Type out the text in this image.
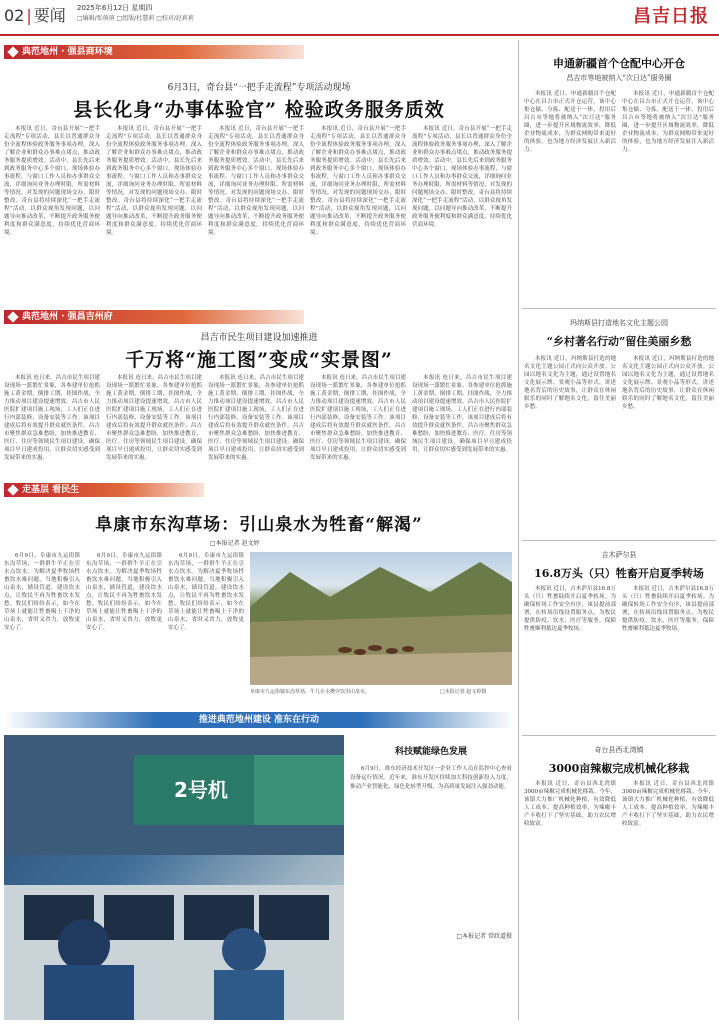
02 | 要闻 2025年6月12日 星期四
□编辑/张萌萌 □组版/杜慧莉 □校对/赵莉莉	昌吉日报
典范地州 · 强县商环境
6月3日，奇台县“一把手走流程”专项活动现场
县长化身“办事体验官” 检验政务服务质效

本报讯 近日，奇台县开展“一把手走流程”专项活动，县长以普通群众身份全流程体验政务服务事项办理，深入了解企业和群众办事难点堵点，推动政务服务提质增效。活动中，县长先后来到政务服务中心多个窗口，现场体验办事流程，与窗口工作人员和办事群众交流，详细询问业务办理时限、所需材料等情况，对发现的问题现场交办、限时整改。奇台县将持续深化“一把手走流程”活动，以群众视角发现问题，以问题导向推动改革，不断提升政务服务便利度和群众满意度，持续优化营商环境。

本报讯 近日，奇台县开展“一把手走流程”专项活动，县长以普通群众身份全流程体验政务服务事项办理，深入了解企业和群众办事难点堵点，推动政务服务提质增效。活动中，县长先后来到政务服务中心多个窗口，现场体验办事流程，与窗口工作人员和办事群众交流，详细询问业务办理时限、所需材料等情况，对发现的问题现场交办、限时整改。奇台县将持续深化“一把手走流程”活动，以群众视角发现问题，以问题导向推动改革，不断提升政务服务便利度和群众满意度，持续优化营商环境。

本报讯 近日，奇台县开展“一把手走流程”专项活动，县长以普通群众身份全流程体验政务服务事项办理，深入了解企业和群众办事难点堵点，推动政务服务提质增效。活动中，县长先后来到政务服务中心多个窗口，现场体验办事流程，与窗口工作人员和办事群众交流，详细询问业务办理时限、所需材料等情况，对发现的问题现场交办、限时整改。奇台县将持续深化“一把手走流程”活动，以群众视角发现问题，以问题导向推动改革，不断提升政务服务便利度和群众满意度，持续优化营商环境。

本报讯 近日，奇台县开展“一把手走流程”专项活动，县长以普通群众身份全流程体验政务服务事项办理，深入了解企业和群众办事难点堵点，推动政务服务提质增效。活动中，县长先后来到政务服务中心多个窗口，现场体验办事流程，与窗口工作人员和办事群众交流，详细询问业务办理时限、所需材料等情况，对发现的问题现场交办、限时整改。奇台县将持续深化“一把手走流程”活动，以群众视角发现问题，以问题导向推动改革，不断提升政务服务便利度和群众满意度，持续优化营商环境。

本报讯 近日，奇台县开展“一把手走流程”专项活动，县长以普通群众身份全流程体验政务服务事项办理，深入了解企业和群众办事难点堵点，推动政务服务提质增效。活动中，县长先后来到政务服务中心多个窗口，现场体验办事流程，与窗口工作人员和办事群众交流，详细询问业务办理时限、所需材料等情况，对发现的问题现场交办、限时整改。奇台县将持续深化“一把手走流程”活动，以群众视角发现问题，以问题导向推动改革，不断提升政务服务便利度和群众满意度，持续优化营商环境。

典范地州 · 强昌吉州府
昌吉市民生项目建设加速推进
千万将“施工图”变成“实景图”

本报讯 连日来，昌吉市民生项目建设现场一派繁忙景象，各参建单位抢抓施工黄金期，倒排工期、挂图作战，全力推动项目建设提速增效。昌吉市人民医院扩建项目施工现场，工人们正在进行内部装修、设备安装等工作。该项目建成后将有效提升群众就医条件。昌吉市聚焦群众急难愁盼，加快推进教育、医疗、住房等领域民生项目建设，确保项目早日建成投用，让群众切实感受到发展带来的实惠。

本报讯 连日来，昌吉市民生项目建设现场一派繁忙景象，各参建单位抢抓施工黄金期，倒排工期、挂图作战，全力推动项目建设提速增效。昌吉市人民医院扩建项目施工现场，工人们正在进行内部装修、设备安装等工作。该项目建成后将有效提升群众就医条件。昌吉市聚焦群众急难愁盼，加快推进教育、医疗、住房等领域民生项目建设，确保项目早日建成投用，让群众切实感受到发展带来的实惠。

本报讯 连日来，昌吉市民生项目建设现场一派繁忙景象，各参建单位抢抓施工黄金期，倒排工期、挂图作战，全力推动项目建设提速增效。昌吉市人民医院扩建项目施工现场，工人们正在进行内部装修、设备安装等工作。该项目建成后将有效提升群众就医条件。昌吉市聚焦群众急难愁盼，加快推进教育、医疗、住房等领域民生项目建设，确保项目早日建成投用，让群众切实感受到发展带来的实惠。

本报讯 连日来，昌吉市民生项目建设现场一派繁忙景象，各参建单位抢抓施工黄金期，倒排工期、挂图作战，全力推动项目建设提速增效。昌吉市人民医院扩建项目施工现场，工人们正在进行内部装修、设备安装等工作。该项目建成后将有效提升群众就医条件。昌吉市聚焦群众急难愁盼，加快推进教育、医疗、住房等领域民生项目建设，确保项目早日建成投用，让群众切实感受到发展带来的实惠。

本报讯 连日来，昌吉市民生项目建设现场一派繁忙景象，各参建单位抢抓施工黄金期，倒排工期、挂图作战，全力推动项目建设提速增效。昌吉市人民医院扩建项目施工现场，工人们正在进行内部装修、设备安装等工作。该项目建成后将有效提升群众就医条件。昌吉市聚焦群众急难愁盼，加快推进教育、医疗、住房等领域民生项目建设，确保项目早日建成投用，让群众切实感受到发展带来的实惠。

走基层 看民生
阜康市东沟草场：引山泉水为牲畜“解渴”
□本报记者 赵文婷

6月9日，阜康市九运街镇东沟草场，一群群牛羊正在引水点饮水。为解决夏季牧场牲畜饮水难问题，当地积极引入山泉水，铺设管道，建设饮水点，让牧民不再为牲畜饮水发愁。牧民们纷纷表示，如今在草场上就能让牲畜喝上干净的山泉水，省时又省力，放牧更安心了。

6月9日，阜康市九运街镇东沟草场，一群群牛羊正在引水点饮水。为解决夏季牧场牲畜饮水难问题，当地积极引入山泉水，铺设管道，建设饮水点，让牧民不再为牲畜饮水发愁。牧民们纷纷表示，如今在草场上就能让牲畜喝上干净的山泉水，省时又省力，放牧更安心了。

6月9日，阜康市九运街镇东沟草场，一群群牛羊正在引水点饮水。为解决夏季牧场牲畜饮水难问题，当地积极引入山泉水，铺设管道，建设饮水点，让牧民不再为牲畜饮水发愁。牧民们纷纷表示，如今在草场上就能让牲畜喝上干净的山泉水，省时又省力，放牧更安心了。

阜康市九运街镇东沟草场，牛儿在水槽旁饮用山泉水。	□本报记者 赵文婷摄
推进典范地州建设 准东在行动
2号机
科技赋能绿色发展

6月9日，准东经济技术开发区一企业工作人员在监控中心查看设备运行情况。近年来，准东开发区持续加大科技创新投入力度，推动产业智能化、绿色化转型升级，为高质量发展注入强劲动能。

□本报记者 常政道摄
申通新疆首个仓配中心开仓
昌吉市等地被纳入“次日达”服务圈

本报讯 近日，申通新疆首个仓配中心在昌吉市正式开仓运营。该中心集仓储、分拣、配送于一体，投用后昌吉市等地将被纳入“次日达”服务圈，进一步提升区域物流效率，降低企业物流成本，为群众网购带来更好的体验，也为地方经济发展注入新活力。

本报讯 近日，申通新疆首个仓配中心在昌吉市正式开仓运营。该中心集仓储、分拣、配送于一体，投用后昌吉市等地将被纳入“次日达”服务圈，进一步提升区域物流效率，降低企业物流成本，为群众网购带来更好的体验，也为地方经济发展注入新活力。

玛纳斯县打造地名文化主题公园
“乡村著名行动”留住美丽乡愁

本报讯 近日，玛纳斯县打造的地名文化主题公园正式向公众开放。公园以地名文化为主题，通过设置地名文化展示牌、景观小品等形式，讲述地名背后的历史故事，让群众在休闲娱乐的同时了解地名文化，留住美丽乡愁。

本报讯 近日，玛纳斯县打造的地名文化主题公园正式向公众开放。公园以地名文化为主题，通过设置地名文化展示牌、景观小品等形式，讲述地名背后的历史故事，让群众在休闲娱乐的同时了解地名文化，留住美丽乡愁。

吉木萨尔县
16.8万头（只）牲畜开启夏季转场

本报讯 近日，吉木萨尔县16.8万头（只）牲畜陆续开启夏季转场。为确保转场工作安全有序，该县提前部署，在转场沿线设置服务点，为牧民提供防疫、饮水、医疗等服务，保障牲畜顺利抵达夏季牧场。

本报讯 近日，吉木萨尔县16.8万头（只）牲畜陆续开启夏季转场。为确保转场工作安全有序，该县提前部署，在转场沿线设置服务点，为牧民提供防疫、饮水、医疗等服务，保障牲畜顺利抵达夏季牧场。

奇台县西北湾镇
3000亩辣椒完成机械化移栽

本报讯 近日，奇台县西北湾镇3000亩辣椒完成机械化移栽。今年，该镇大力推广机械化种植，有效降低人工成本，提高种植效率，为辣椒丰产丰收打下了坚实基础，助力农民增收致富。

本报讯 近日，奇台县西北湾镇3000亩辣椒完成机械化移栽。今年，该镇大力推广机械化种植，有效降低人工成本，提高种植效率，为辣椒丰产丰收打下了坚实基础，助力农民增收致富。
